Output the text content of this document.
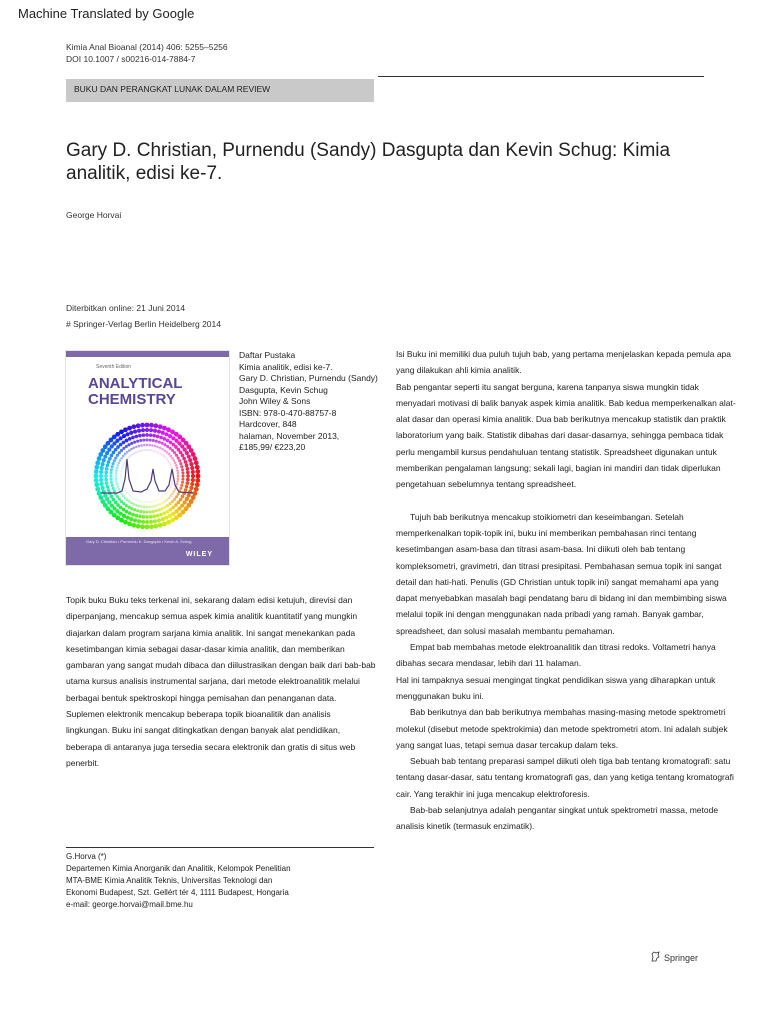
Machine Translated by Google
Kimia Anal Bioanal (2014) 406: 5255–5256
DOI 10.1007 / s00216-014-7884-7
BUKU DAN PERANGKAT LUNAK DALAM REVIEW
Gary D. Christian, Purnendu (Sandy) Dasgupta dan Kevin Schug: Kimia analitik, edisi ke-7.
George Horvai
Diterbitkan online: 21 Juni 2014
# Springer-Verlag Berlin Heidelberg 2014
Seventh Edition
ANALYTICAL
CHEMISTRY
Gary D. Christian • Purnendu K. Dasgupta • Kevin A. Schug
WILEY
Daftar Pustaka
Kimia analitik, edisi ke-7.
Gary D. Christian, Purnendu (Sandy) Dasgupta, Kevin Schug
John Wiley & Sons
ISBN: 978-0-470-88757-8
Hardcover, 848
halaman, November 2013,
£185,99/ €223,20
Topik buku Buku teks terkenal ini, sekarang dalam edisi ketujuh, direvisi dan diperpanjang, mencakup semua aspek kimia analitik kuantitatif yang mungkin diajarkan dalam program sarjana kimia analitik. Ini sangat menekankan pada kesetimbangan kimia sebagai dasar-dasar kimia analitik, dan memberikan gambaran yang sangat mudah dibaca dan diilustrasikan dengan baik dari bab-bab utama kursus analisis instrumental sarjana, dari metode elektroanalitik melalui berbagai bentuk spektroskopi hingga pemisahan dan penanganan data. Suplemen elektronik mencakup beberapa topik bioanalitik dan analisis lingkungan. Buku ini sangat ditingkatkan dengan banyak alat pendidikan, beberapa di antaranya juga tersedia secara elektronik dan gratis di situs web penerbit.

Isi Buku ini memiliki dua puluh tujuh bab, yang pertama menjelaskan kepada pemula apa yang dilakukan ahli kimia analitik.

Bab pengantar seperti itu sangat berguna, karena tanpanya siswa mungkin tidak menyadari motivasi di balik banyak aspek kimia analitik. Bab kedua memperkenalkan alat-alat dasar dan operasi kimia analitik. Dua bab berikutnya mencakup statistik dan praktik laboratorium yang baik. Statistik dibahas dari dasar-dasarnya, sehingga pembaca tidak perlu mengambil kursus pendahuluan tentang statistik. Spreadsheet digunakan untuk memberikan pengalaman langsung; sekali lagi, bagian ini mandiri dan tidak diperlukan pengetahuan sebelumnya tentang spreadsheet.

Tujuh bab berikutnya mencakup stoikiometri dan keseimbangan. Setelah memperkenalkan topik-topik ini, buku ini memberikan pembahasan rinci tentang kesetimbangan asam-basa dan titrasi asam-basa. Ini diikuti oleh bab tentang kompleksometri, gravimetri, dan titrasi presipitasi. Pembahasan semua topik ini sangat detail dan hati-hati. Penulis (GD Christian untuk topik ini) sangat memahami apa yang dapat menyebabkan masalah bagi pendatang baru di bidang ini dan membimbing siswa melalui topik ini dengan menggunakan nada pribadi yang ramah. Banyak gambar, spreadsheet, dan solusi masalah membantu pemahaman.

Empat bab membahas metode elektroanalitik dan titrasi redoks. Voltametri hanya dibahas secara mendasar, lebih dari 11 halaman.

Hal ini tampaknya sesuai mengingat tingkat pendidikan siswa yang diharapkan untuk menggunakan buku ini.

Bab berikutnya dan bab berikutnya membahas masing-masing metode spektrometri molekul (disebut metode spektrokimia) dan metode spektrometri atom. Ini adalah subjek yang sangat luas, tetapi semua dasar tercakup dalam teks.

Sebuah bab tentang preparasi sampel diikuti oleh tiga bab tentang kromatografi: satu tentang dasar-dasar, satu tentang kromatografi gas, dan yang ketiga tentang kromatografi cair. Yang terakhir ini juga mencakup elektroforesis.

Bab-bab selanjutnya adalah pengantar singkat untuk spektrometri massa, metode analisis kinetik (termasuk enzimatik).

G.Horva (*)
Departemen Kimia Anorganik dan Analitik, Kelompok Penelitian
MTA-BME Kimia Analitik Teknis, Universitas Teknologi dan
Ekonomi Budapest, Szt. Gellért tér 4, 1111 Budapest, Hongaria
e-mail: george.horvai@mail.bme.hu
Springer
